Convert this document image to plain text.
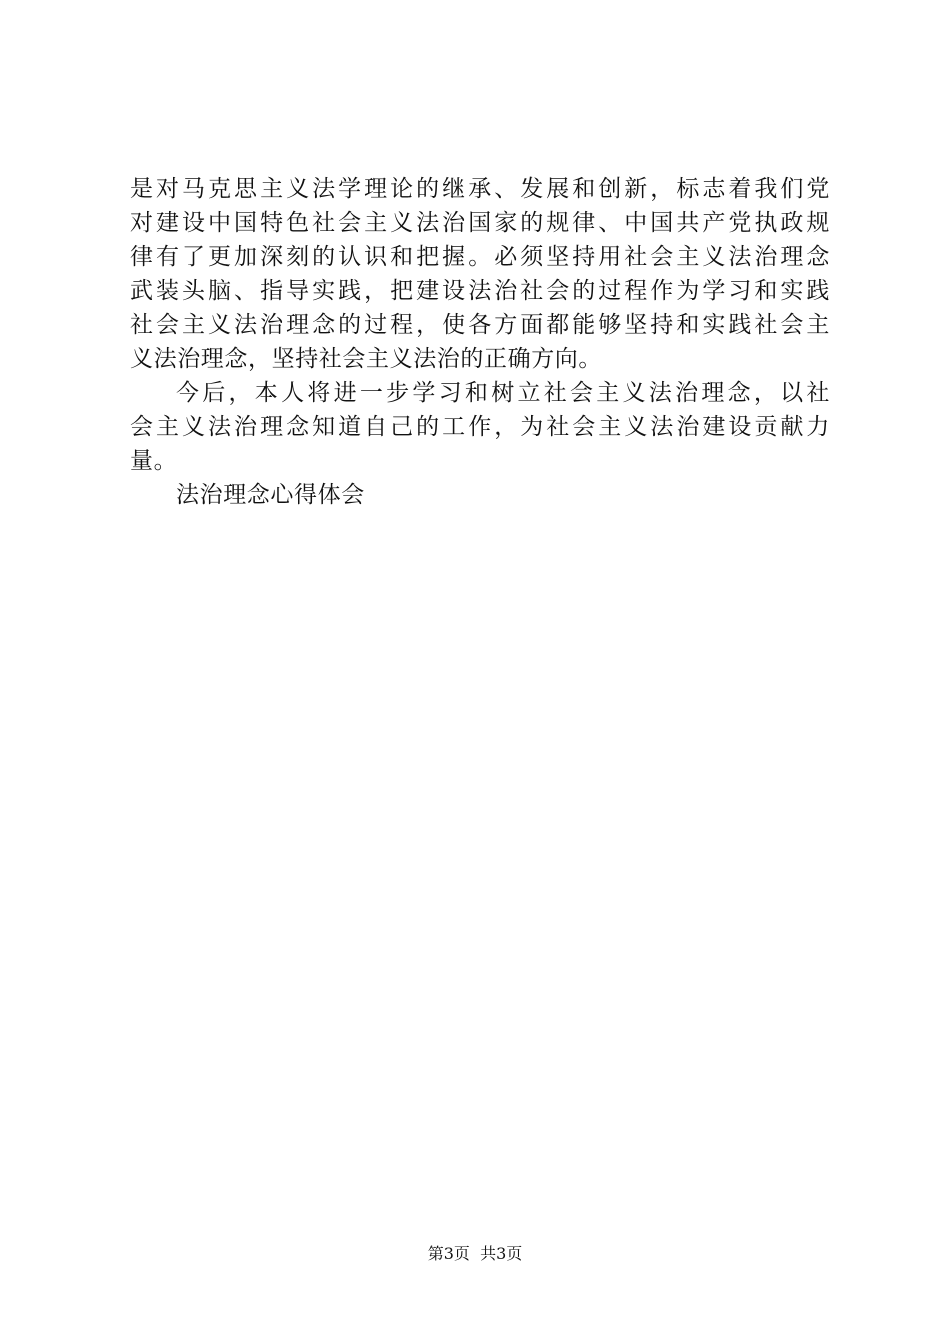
是对马克思主义法学理论的继承、发展和创新，标志着我们党
对建设中国特色社会主义法治国家的规律、中国共产党执政规
律有了更加深刻的认识和把握。必须坚持用社会主义法治理念
武装头脑、指导实践，把建设法治社会的过程作为学习和实践
社会主义法治理念的过程，使各方面都能够坚持和实践社会主
义法治理念，坚持社会主义法治的正确方向。
今后，本人将进一步学习和树立社会主义法治理念，以社
会主义法治理念知道自己的工作，为社会主义法治建设贡献力
量。
法治理念心得体会
第3页  共3页
